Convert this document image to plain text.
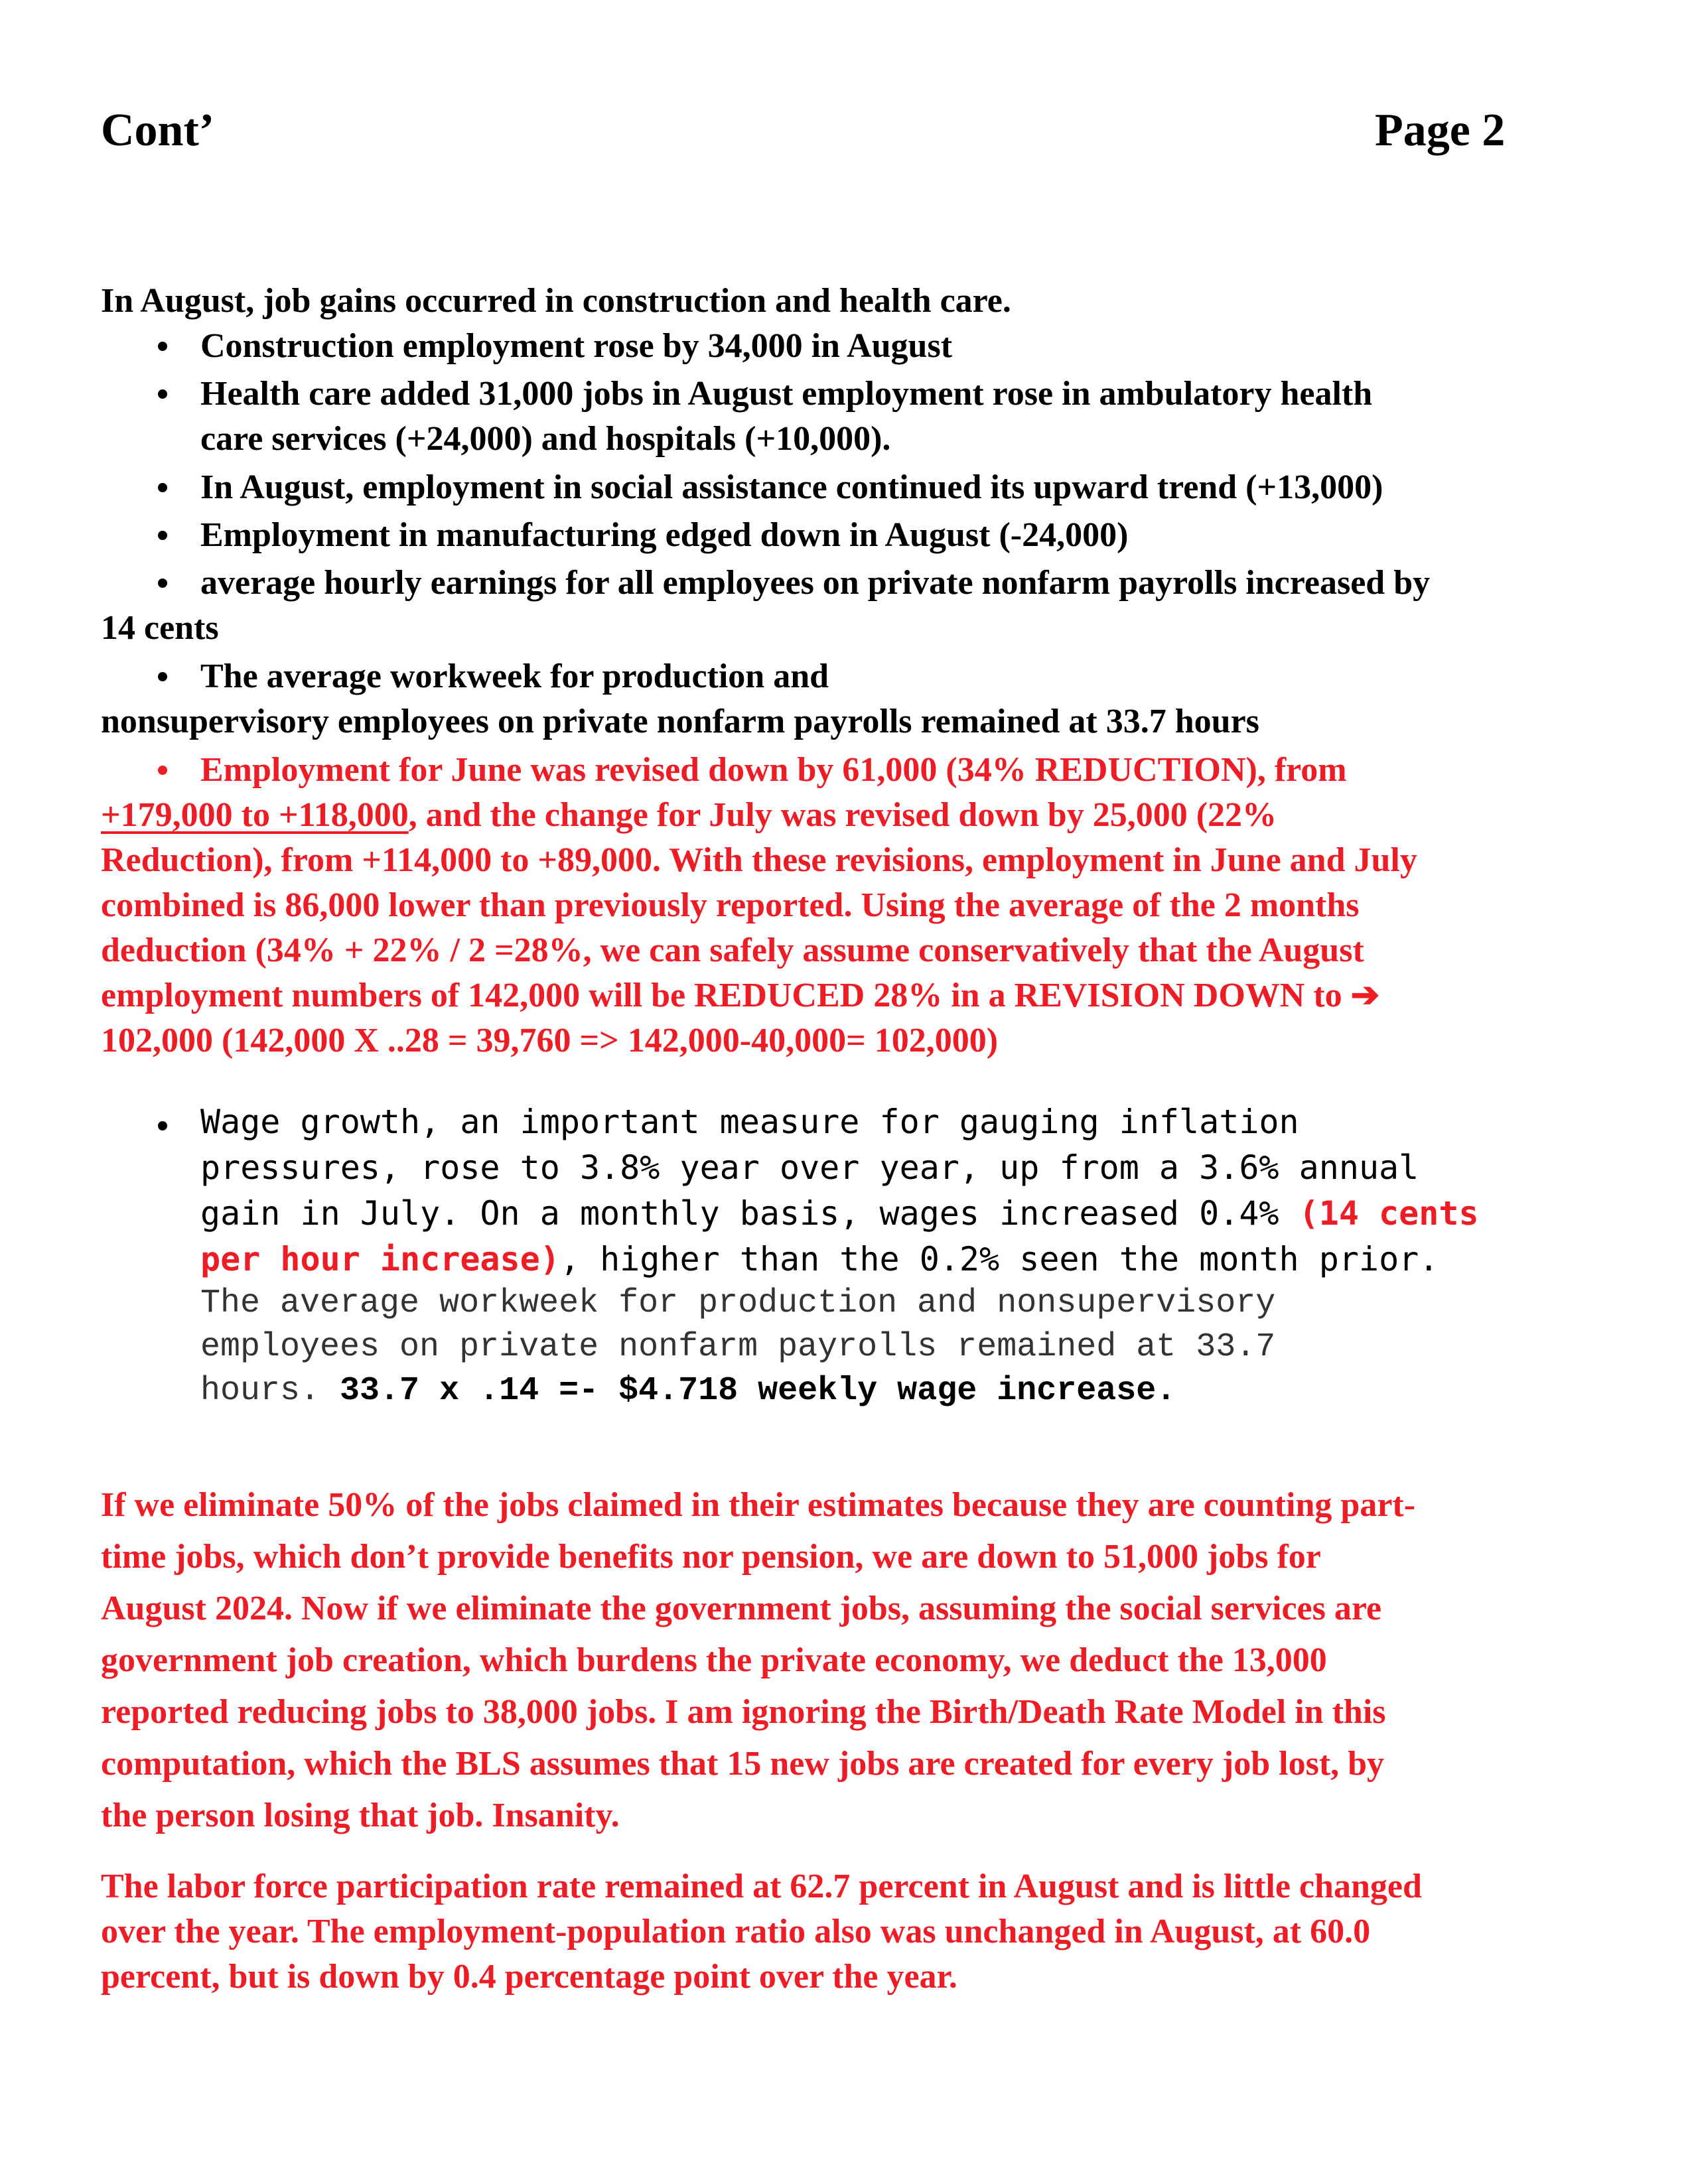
Cont’	Page 2
In August, job gains occurred in construction and health care.
Construction employment rose by 34,000 in August
Health care added 31,000 jobs in August employment rose in ambulatory health
care services (+24,000) and hospitals (+10,000).
In August, employment in social assistance continued its upward trend (+13,000)
Employment in manufacturing edged down in August (-24,000)
average hourly earnings for all employees on private nonfarm payrolls increased by
14 cents
The average workweek for production and
nonsupervisory employees on private nonfarm payrolls remained at 33.7 hours
Employment for June was revised down by 61,000 (34% REDUCTION), from
+179,000 to +118,000, and the change for July was revised down by 25,000 (22%
Reduction), from +114,000 to +89,000. With these revisions, employment in June and July
combined is 86,000 lower than previously reported. Using the average of the 2 months
deduction (34% + 22% / 2 =28%, we can safely assume conservatively that the August
employment numbers of 142,000 will be REDUCED 28% in a REVISION DOWN to ➔
102,000 (142,000 X ..28 = 39,760 => 142,000-40,000= 102,000)
Wage growth, an important measure for gauging inflation
pressures, rose to 3.8% year over year, up from a 3.6% annual
gain in July. On a monthly basis, wages increased 0.4% (14 cents
per hour increase), higher than the 0.2% seen the month prior.
The average workweek for production and nonsupervisory
employees on private nonfarm payrolls remained at 33.7
hours. 33.7 x .14 =- $4.718 weekly wage increase.
If we eliminate 50% of the jobs claimed in their estimates because they are counting part-
time jobs, which don’t provide benefits nor pension, we are down to 51,000 jobs for
August 2024. Now if we eliminate the government jobs, assuming the social services are
government job creation, which burdens the private economy, we deduct the 13,000
reported reducing jobs to 38,000 jobs. I am ignoring the Birth/Death Rate Model in this
computation, which the BLS assumes that 15 new jobs are created for every job lost, by
the person losing that job. Insanity.
The labor force participation rate remained at 62.7 percent in August and is little changed
over the year. The employment-population ratio also was unchanged in August, at 60.0
percent, but is down by 0.4 percentage point over the year.
